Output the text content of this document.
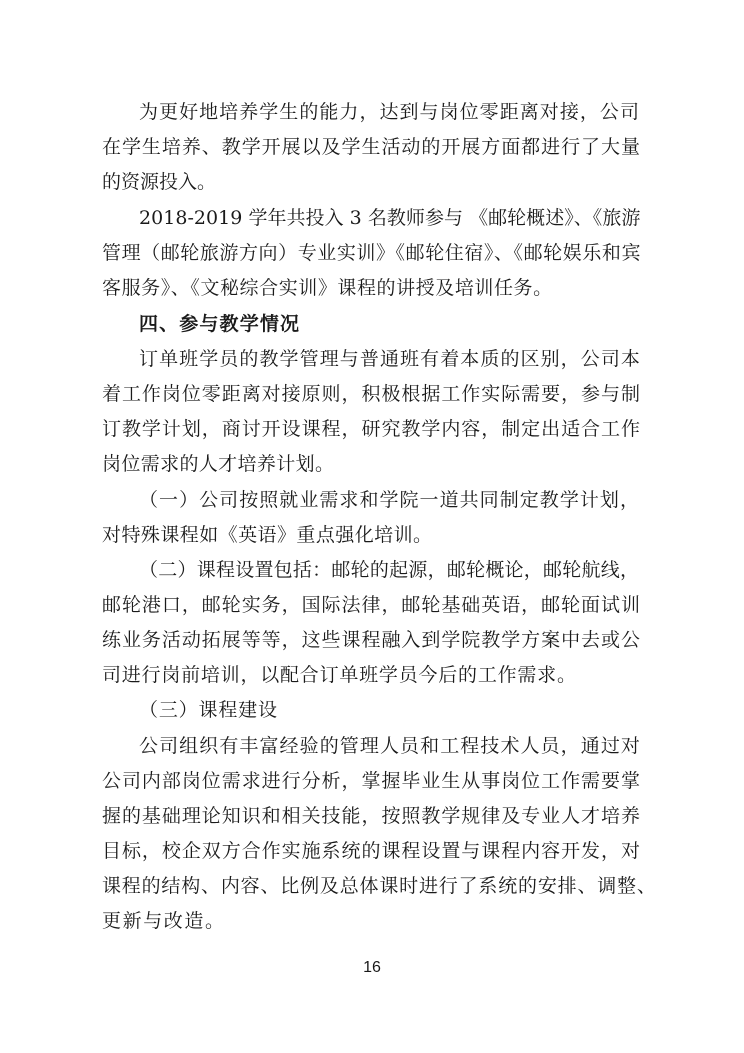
为更好地培养学生的能力，达到与岗位零距离对接，公司
在学生培养、教学开展以及学生活动的开展方面都进行了大量
的资源投入。
2018-2019 学年共投入 3 名教师参与 《邮轮概述》、《旅游
管理（邮轮旅游方向）专业实训》《邮轮住宿》、《邮轮娱乐和宾
客服务》、《文秘综合实训》课程的讲授及培训任务。
四、参与教学情况
订单班学员的教学管理与普通班有着本质的区别，公司本
着工作岗位零距离对接原则，积极根据工作实际需要，参与制
订教学计划，商讨开设课程，研究教学内容，制定出适合工作
岗位需求的人才培养计划。
（一）公司按照就业需求和学院一道共同制定教学计划，
对特殊课程如《英语》重点强化培训。
（二）课程设置包括：邮轮的起源，邮轮概论，邮轮航线，
邮轮港口，邮轮实务，国际法律，邮轮基础英语，邮轮面试训
练业务活动拓展等等，这些课程融入到学院教学方案中去或公
司进行岗前培训，以配合订单班学员今后的工作需求。
（三）课程建设
公司组织有丰富经验的管理人员和工程技术人员，通过对
公司内部岗位需求进行分析，掌握毕业生从事岗位工作需要掌
握的基础理论知识和相关技能，按照教学规律及专业人才培养
目标，校企双方合作实施系统的课程设置与课程内容开发，对
课程的结构、内容、比例及总体课时进行了系统的安排、调整、
更新与改造。
16
